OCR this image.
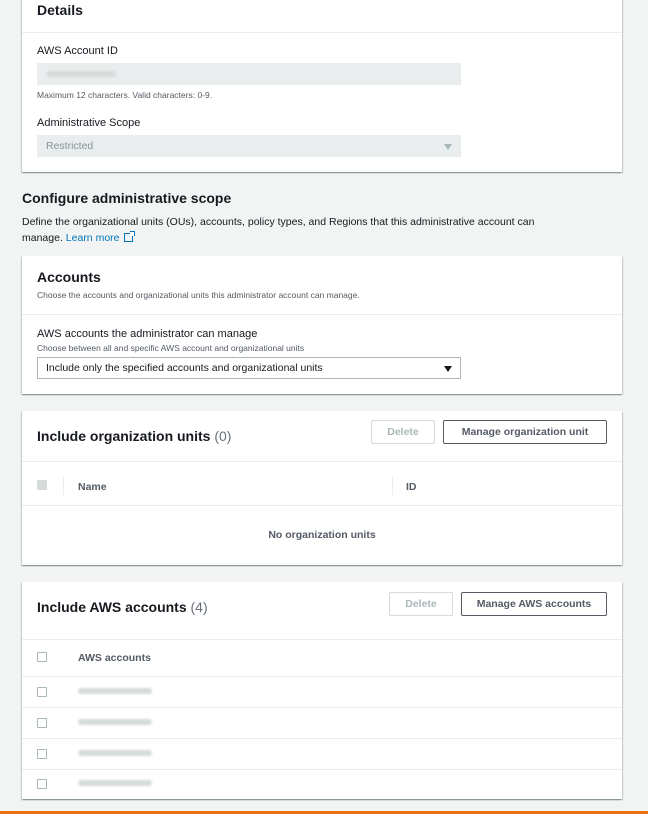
Details
AWS Account ID
Maximum 12 characters. Valid characters: 0-9.
Administrative Scope
Restricted
Configure administrative scope
Define the organizational units (OUs), accounts, policy types, and Regions that this administrative account can
manage. Learn more
Accounts
Choose the accounts and organizational units this administrator account can manage.
AWS accounts the administrator can manage
Choose between all and specific AWS account and organizational units
Include only the specified accounts and organizational units
Include organization units (0)	Delete	Manage organization unit
Name	ID
No organization units
Include AWS accounts (4)	Delete	Manage AWS accounts
AWS accounts
